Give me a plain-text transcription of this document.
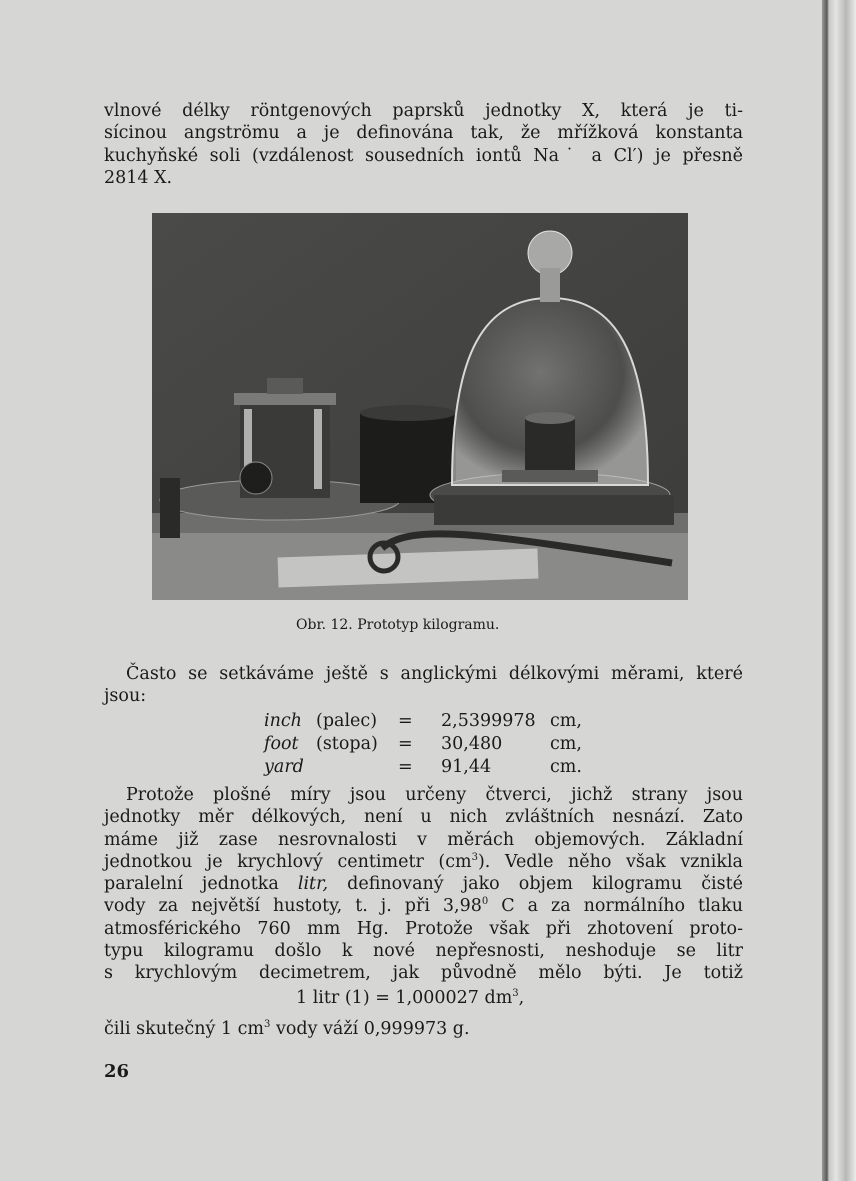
vlnové délky röntgenových paprsků jednotky X, která je ti-
sícinou angströmu a je definována tak, že mřížková konstanta
kuchyňské soli (vzdálenost sousedních iontů Na˙ a Cl′) je přesně
2814 X.

Obr. 12. Prototyp kilogramu.

Často se setkáváme ještě s anglickými délkovými měrami, které
jsou:

inch (palec) = 2,5399978 cm,
foot (stopa) = 30,480	cm,
yard	= 91,44	cm.

Protože plošné míry jsou určeny čtverci, jichž strany jsou
jednotky měr délkových, není u nich zvláštních nesnází. Zato
máme již zase nesrovnalosti v měrách objemových. Základní
jednotkou je krychlový centimetr $(cm^3)$. Vedle něho však vznikla
paralelní jednotka litr, definovaný jako objem kilogramu čisté
vody za největší hustoty, t. j. při 3,98$^0$ C a za normálního tlaku
atmosférického 760 mm Hg. Protože však při zhotovení proto-
typu kilogramu došlo k nové nepřesnosti, neshoduje se litr
s krychlovým decimetrem, jak původně mělo býti. Je totiž

1 litr (1) = 1,000027 $dm^3$,

čili skutečný 1 $cm^3$ vody váží 0,999973 g.

26
